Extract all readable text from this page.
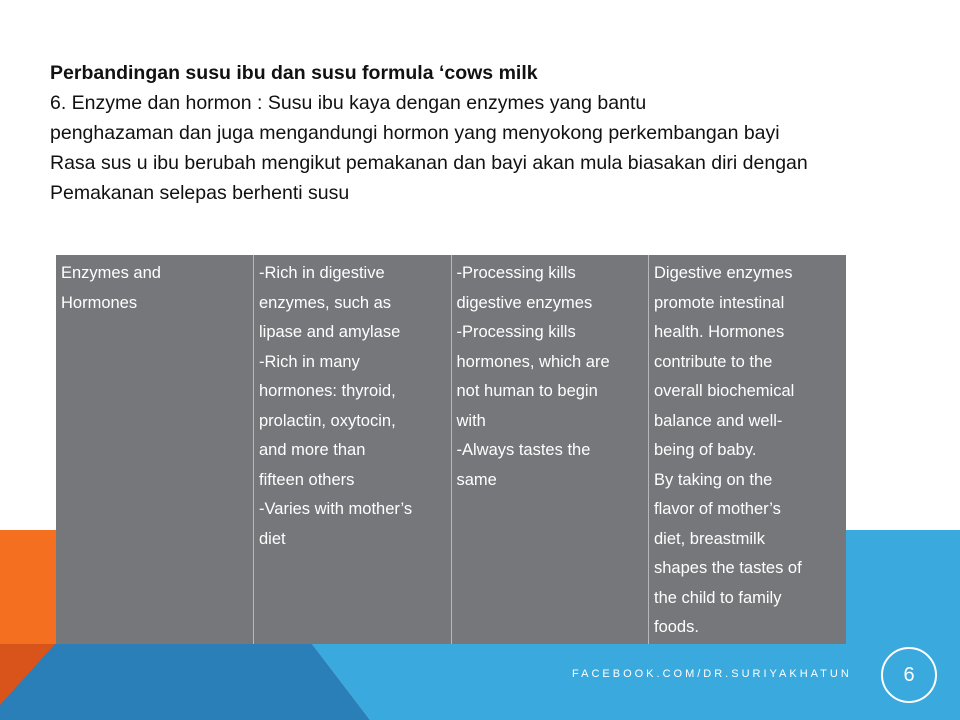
Perbandingan susu ibu dan susu formula ‘cows milk
6. Enzyme dan hormon : Susu ibu kaya dengan enzymes yang bantu
penghazaman dan juga mengandungi hormon yang menyokong perkembangan bayi
Rasa sus u ibu berubah mengikut pemakanan dan bayi akan mula biasakan diri dengan
Pemakanan selepas berhenti susu
Enzymes and
Hormones

-Rich in digestive
enzymes, such as
lipase and amylase
-Rich in many
hormones: thyroid,
prolactin, oxytocin,
and more than
fifteen others
-Varies with mother’s
diet

-Processing kills
digestive enzymes
-Processing kills
hormones, which are
not human to begin
with
-Always tastes the
same

Digestive enzymes
promote intestinal
health. Hormones
contribute to the
overall biochemical
balance and well-
being of baby.
By taking on the
flavor of mother’s
diet, breastmilk
shapes the tastes of
the child to family
foods.
FACEBOOK.COM/DR.SURIYAKHATUN	6
